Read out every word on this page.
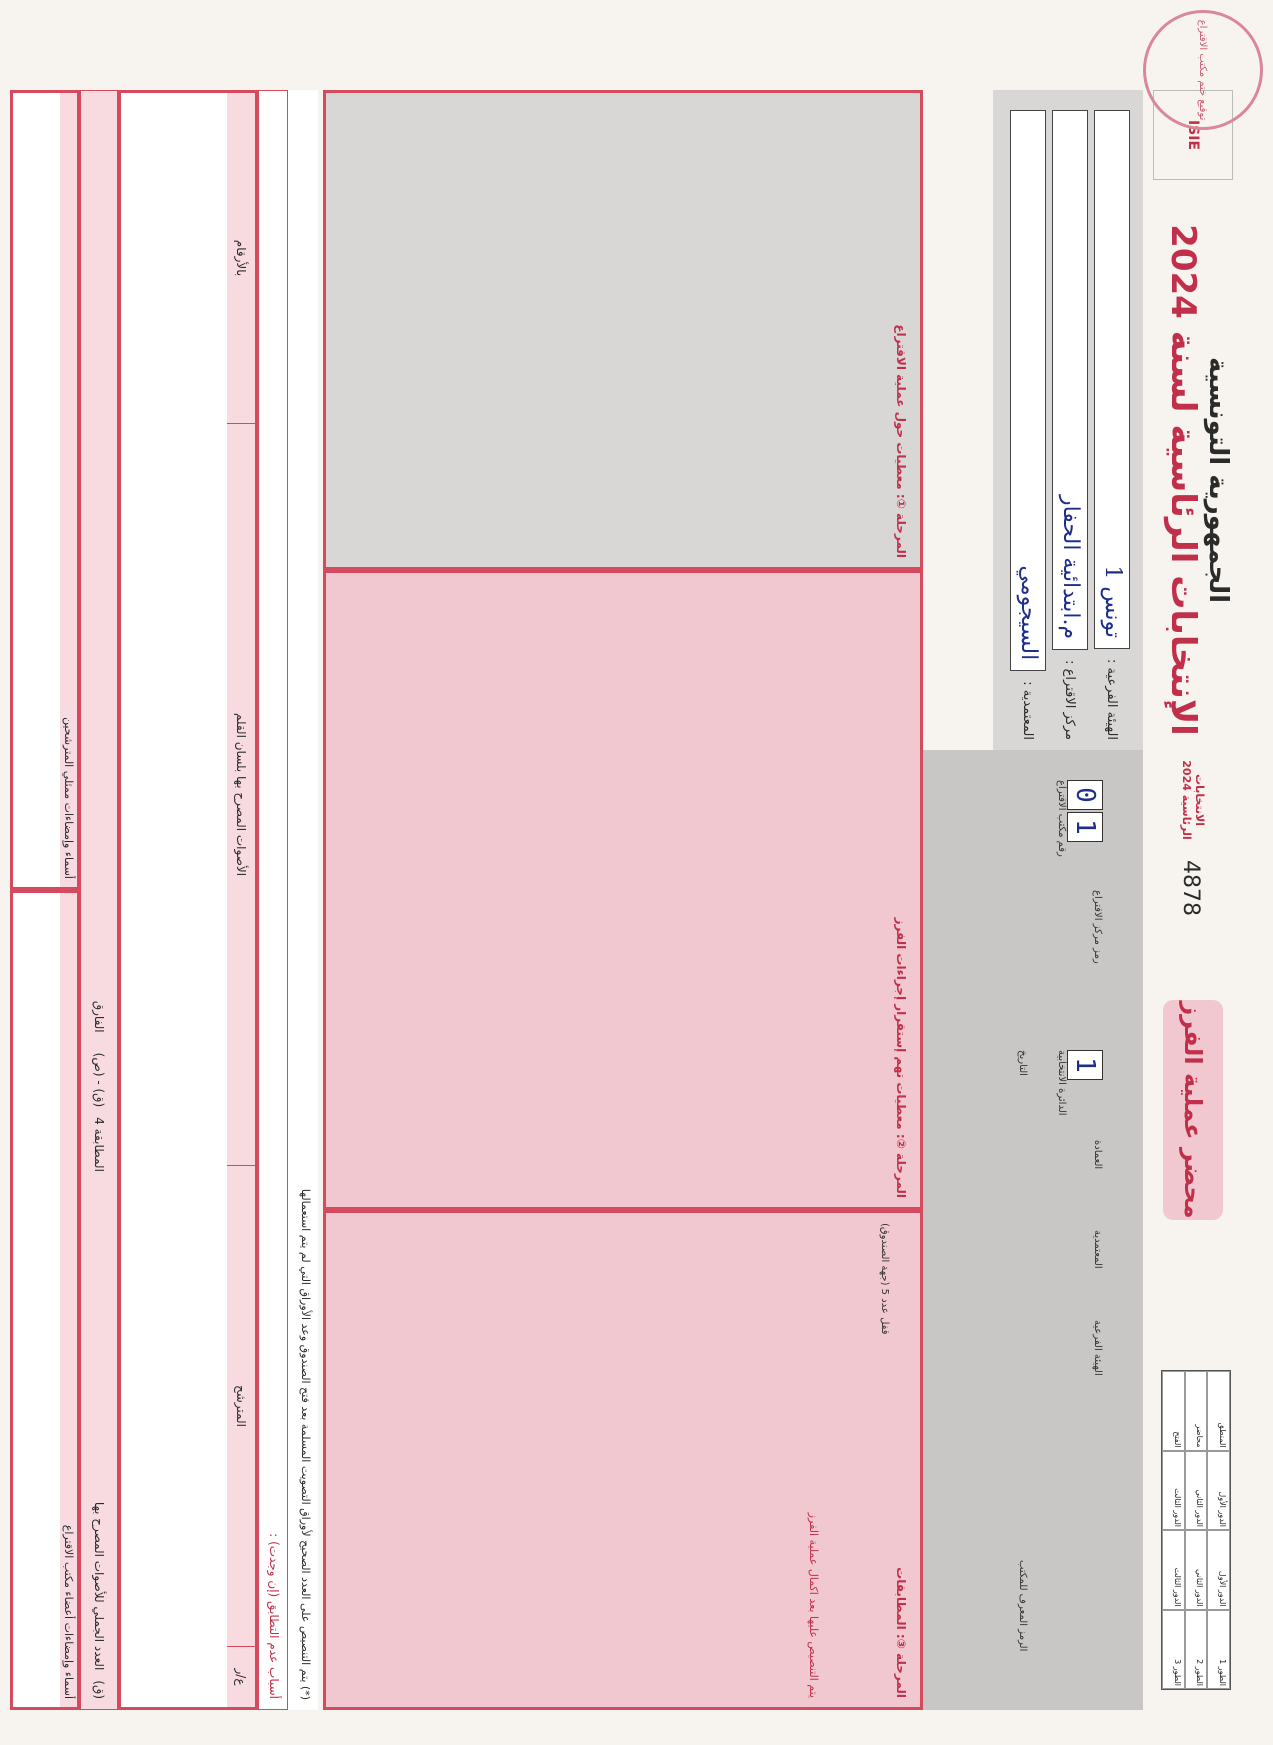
الطور 1
الدور الأول
الدور الأول
المنطق
الطور 2
الدور الثاني
الدور الثاني
محاضر
الطور 3
الدور الثالث
الدور الثالث
الفتح
محضر عملية الفرز
4878
الانتخابات الرئاسية 2024
الجمهورية التونسية
الإنتخابات الرئاسية لسنة 2024
ISIE
توقيع ختم مكتب الاقتراع
الهيئة الفرعية :
تونس 1
مركز الاقتراع :
م.ابتدائية الحفار
المعتمدية :
السيجومي
0
1
رقم مكتب الاقتراع
رمز مركز الاقتراع
1
الدائرة الانتخابية
العمادة
المعتمدية
الهيئة الفرعية
التاريخ
الرمز المعرف للمكتب
المرحلة ①: معطيات حول عملية الاقتراع
المرحلة ②: معطيات تهم إستقرار إجراءات الفرز
المرحلة ③: المطابقات
قفل عدد 5 (جهة الصندوق)
يتم التنصيص عليها بعد اكمال عملية الفرز
(*) يتم التنصيص على العدد الصحيح لأوراق التصويت المسلمة بعد فتح الصندوق وعد الأوراق التي لم يتم استعمالها
أسباب عدم التطابق (إن وجدت) :
ع/ر
المترشح
الأصوات المصرح بها بلسان القلم
بالأرقام
(ق)
العدد الجملي للأصوات المصرح بها
المطابقة 4
(ص) - (ق)
الفارق
أسماء وإمضاءات ممثلي المترشحين
أسماء وإمضاءات أعضاء مكتب الاقتراع
